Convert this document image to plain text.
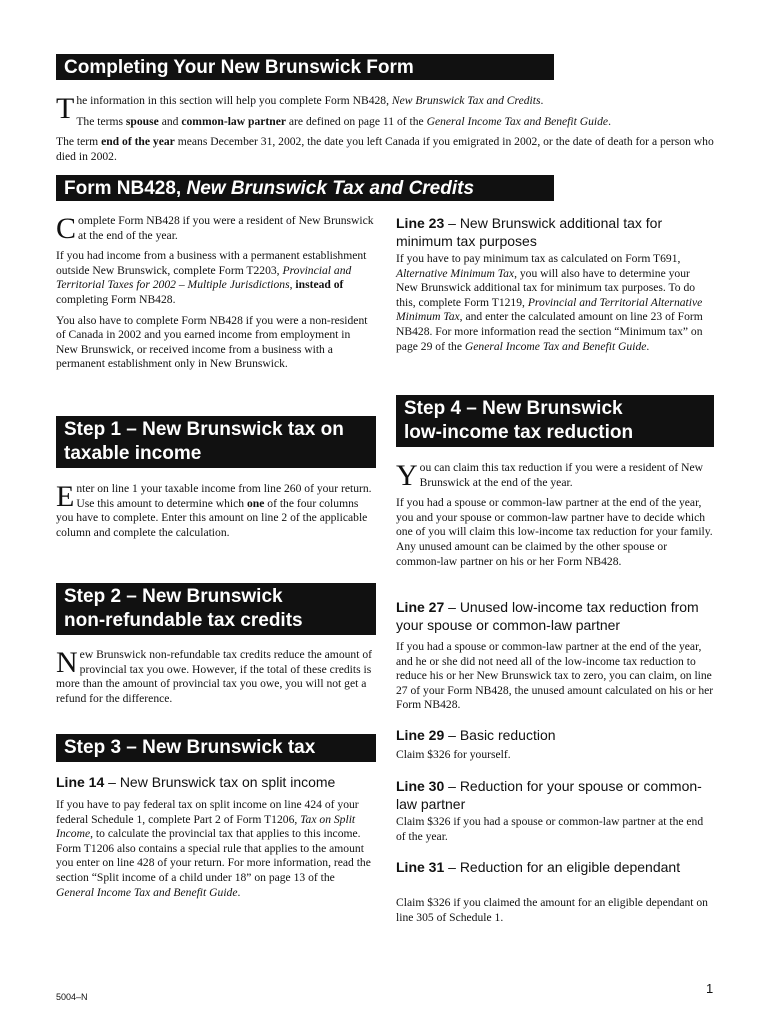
Completing Your New Brunswick Form

The information in this section will help you complete Form NB428, New Brunswick Tax and Credits.

The terms spouse and common-law partner are defined on page 11 of the General Income Tax and Benefit Guide.

The term end of the year means December 31, 2002, the date you left Canada if you emigrated in 2002, or the date of death for a person who died in 2002.

Form NB428, New Brunswick Tax and Credits

Complete Form NB428 if you were a resident of New Brunswick at the end of the year.

If you had income from a business with a permanent establishment outside New Brunswick, complete Form T2203, Provincial and Territorial Taxes for 2002 – Multiple Jurisdictions, instead of completing Form NB428.

You also have to complete Form NB428 if you were a non-resident of Canada in 2002 and you earned income from employment in New Brunswick, or received income from a business with a permanent establishment only in New Brunswick.

Step 1 – New Brunswick tax on
taxable income

Enter on line 1 your taxable income from line 260 of your return. Use this amount to determine which one of the four columns you have to complete. Enter this amount on line 2 of the applicable column and complete the calculation.

Step 2 – New Brunswick
non-refundable tax credits

New Brunswick non-refundable tax credits reduce the amount of provincial tax you owe. However, if the total of these credits is more than the amount of provincial tax you owe, you will not get a refund for the difference.

Step 3 – New Brunswick tax
Line 14 – New Brunswick tax on split income

If you have to pay federal tax on split income on line 424 of your federal Schedule 1, complete Part 2 of Form T1206, Tax on Split Income, to calculate the provincial tax that applies to this income. Form T1206 also contains a special rule that applies to the amount you enter on line 428 of your return. For more information, read the section “Split income of a child under 18” on page 13 of the General Income Tax and Benefit Guide.

Line 23 – New Brunswick additional tax for minimum tax purposes

If you have to pay minimum tax as calculated on Form T691, Alternative Minimum Tax, you will also have to determine your New Brunswick additional tax for minimum tax purposes. To do this, complete Form T1219, Provincial and Territorial Alternative Minimum Tax, and enter the calculated amount on line 23 of Form NB428. For more information read the section “Minimum tax” on page 29 of the General Income Tax and Benefit Guide.

Step 4 – New Brunswick
low-income tax reduction

You can claim this tax reduction if you were a resident of New Brunswick at the end of the year.

If you had a spouse or common-law partner at the end of the year, you and your spouse or common-law partner have to decide which one of you will claim this low-income tax reduction for your family. Any unused amount can be claimed by the other spouse or common-law partner on his or her Form NB428.

Line 27 – Unused low-income tax reduction from your spouse or common-law partner

If you had a spouse or common-law partner at the end of the year, and he or she did not need all of the low-income tax reduction to reduce his or her New Brunswick tax to zero, you can claim, on line 27 of your Form NB428, the unused amount calculated on his or her Form NB428.

Line 29 – Basic reduction

Claim $326 for yourself.

Line 30 – Reduction for your spouse or common-law partner

Claim $326 if you had a spouse or common-law partner at the end of the year.

Line 31 – Reduction for an eligible dependant

Claim $326 if you claimed the amount for an eligible dependant on line 305 of Schedule 1.

5004–N
1
